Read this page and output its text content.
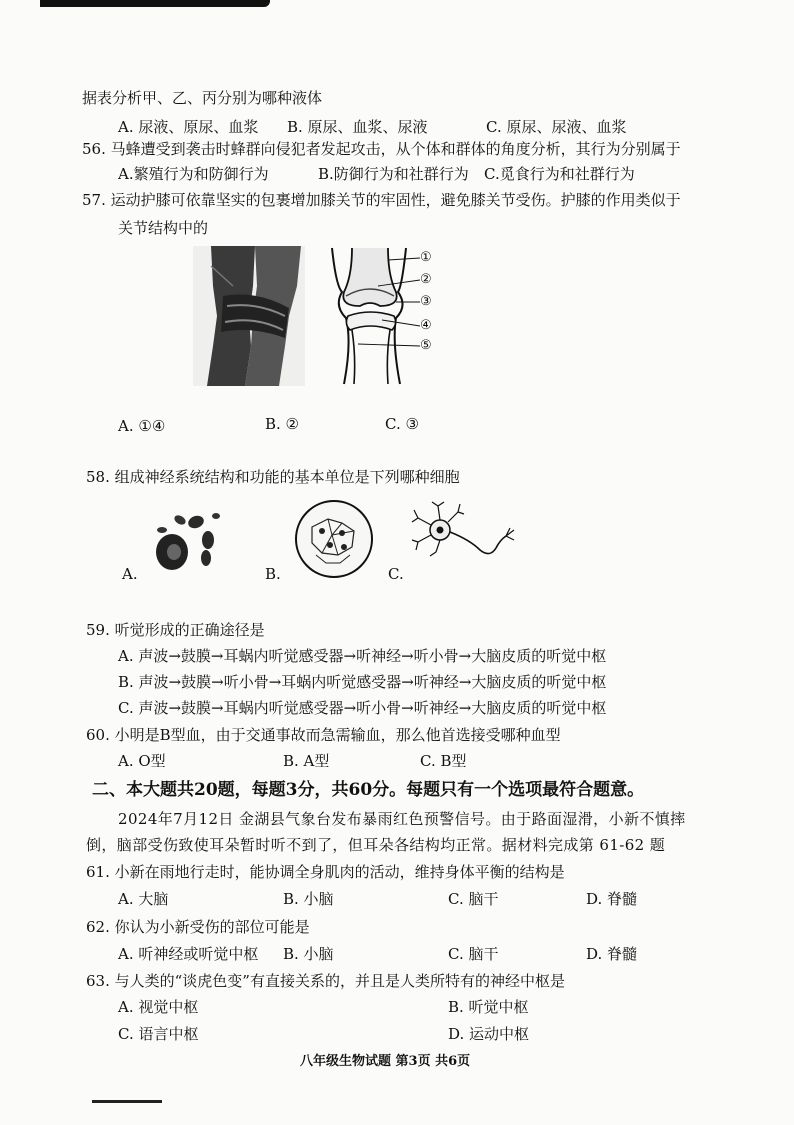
据表分析甲、乙、丙分别为哪种液体
A. 尿液、原尿、血浆 B. 原尿、血浆、尿液	C. 原尿、尿液、血浆
56. 马蜂遭受到袭击时蜂群向侵犯者发起攻击，从个体和群体的角度分析，其行为分别属于
A.繁殖行为和防御行为	B.防御行为和社群行为 C.觅食行为和社群行为
57. 运动护膝可依靠坚实的包裹增加膝关节的牢固性，避免膝关节受伤。护膝的作用类似于
关节结构中的
①
②
③
④
⑤
A. ①④	B. ②	C. ③
58. 组成神经系统结构和功能的基本单位是下列哪种细胞
A.	B.	C.
59. 听觉形成的正确途径是
A. 声波→鼓膜→耳蜗内听觉感受器→听神经→听小骨→大脑皮质的听觉中枢
B. 声波→鼓膜→听小骨→耳蜗内听觉感受器→听神经→大脑皮质的听觉中枢
C. 声波→鼓膜→耳蜗内听觉感受器→听小骨→听神经→大脑皮质的听觉中枢
60. 小明是B型血，由于交通事故而急需输血，那么他首选接受哪种血型
A. O型	B. A型	C. B型
二、本大题共20题，每题3分，共60分。每题只有一个选项最符合题意。
2024年7月12日 金湖县气象台发布暴雨红色预警信号。由于路面湿滑，小新不慎摔
倒，脑部受伤致使耳朵暂时听不到了，但耳朵各结构均正常。据材料完成第 61-62 题
61. 小新在雨地行走时，能协调全身肌肉的活动，维持身体平衡的结构是
A. 大脑	B. 小脑	C. 脑干	D. 脊髓
62. 你认为小新受伤的部位可能是
A. 听神经或听觉中枢 B. 小脑	C. 脑干	D. 脊髓
63. 与人类的“谈虎色变”有直接关系的，并且是人类所特有的神经中枢是
A. 视觉中枢	B. 听觉中枢
C. 语言中枢	D. 运动中枢
八年级生物试题 第3页 共6页
